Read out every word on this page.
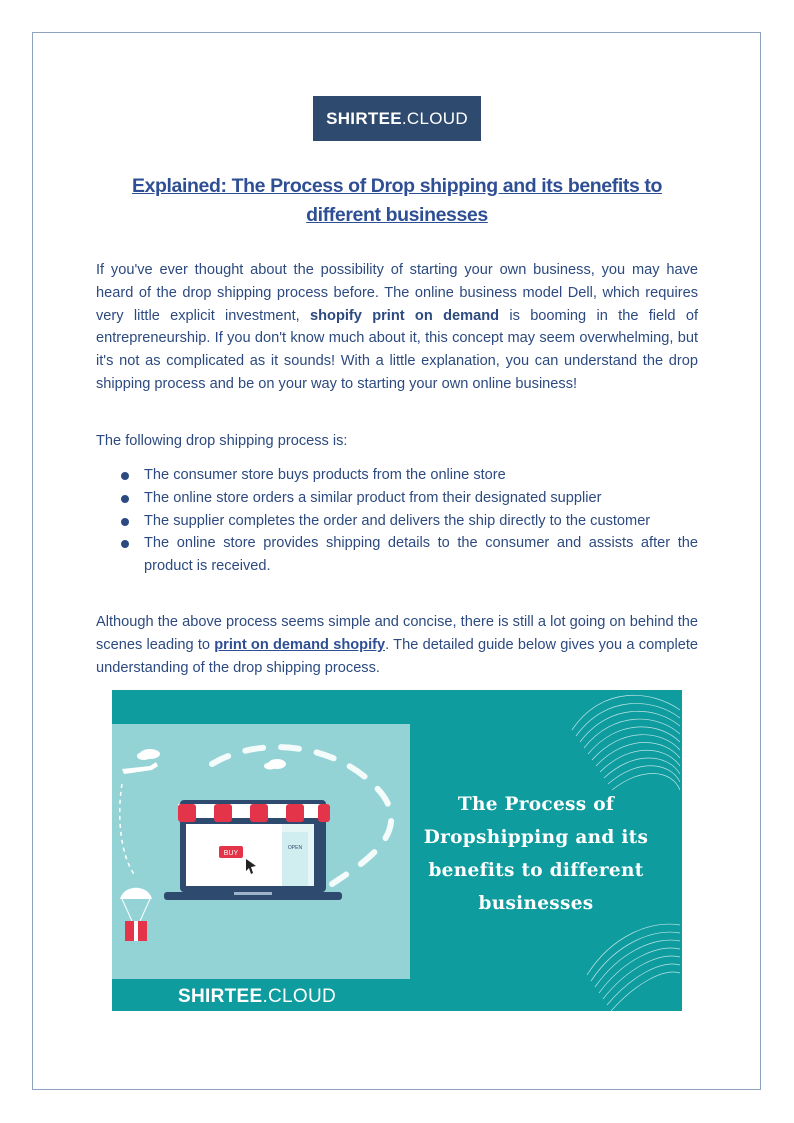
SHIRTEE .CLOUD
Explained: The Process of Drop shipping and its benefits to different businesses

If you've ever thought about the possibility of starting your own business, you may have heard of the drop shipping process before. The online business model Dell, which requires very little explicit investment, shopify print on demand is booming in the field of entrepreneurship. If you don't know much about it, this concept may seem overwhelming, but it's not as complicated as it sounds! With a little explanation, you can understand the drop shipping process and be on your way to starting your own online business!

The following drop shipping process is:

The consumer store buys products from the online store
The online store orders a similar product from their designated supplier
The supplier completes the order and delivers the ship directly to the customer
The online store provides shipping details to the consumer and assists after the product is received.

Although the above process seems simple and concise, there is still a lot going on behind the scenes leading to print on demand shopify. The detailed guide below gives you a complete understanding of the drop shipping process.

BUY
OPEN
SHIRTEE.CLOUD
The Process of Dropshipping and its benefits to different businesses
